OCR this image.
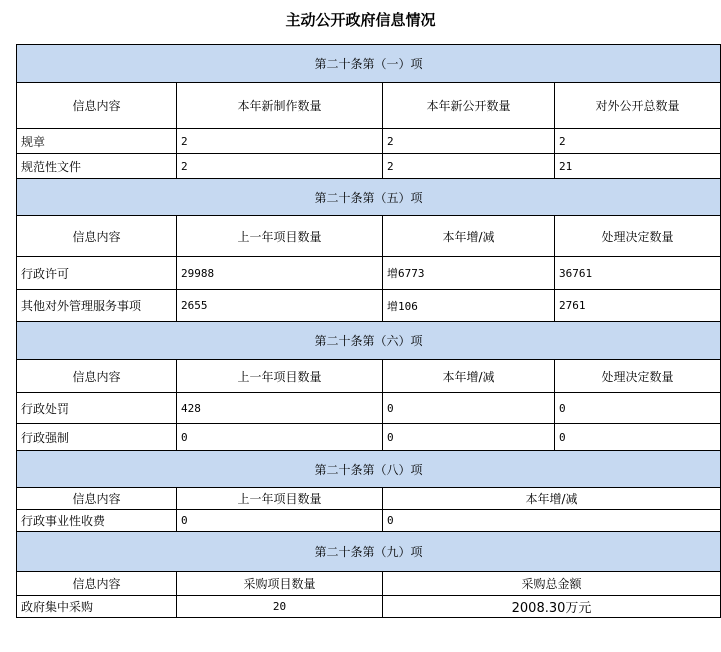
主动公开政府信息情况
第二十条第（一）项			
信息内容	本年新制作数量	本年新公开数量	对外公开总数量
规章	2	2	2
规范性文件	2	2	21
第二十条第（五）项			
信息内容	上一年项目数量	本年增/减	处理决定数量
行政许可	29988	增6773	36761
其他对外管理服务事项	2655	增106	2761
第二十条第（六）项			
信息内容	上一年项目数量	本年增/减	处理决定数量
行政处罚	428	0	0
行政强制	0	0	0
第二十条第（八）项			
信息内容	上一年项目数量	本年增/减	
行政事业性收费	0	0	
第二十条第（九）项			
信息内容	采购项目数量	采购总金额	
政府集中采购	20	2008.30万元	
